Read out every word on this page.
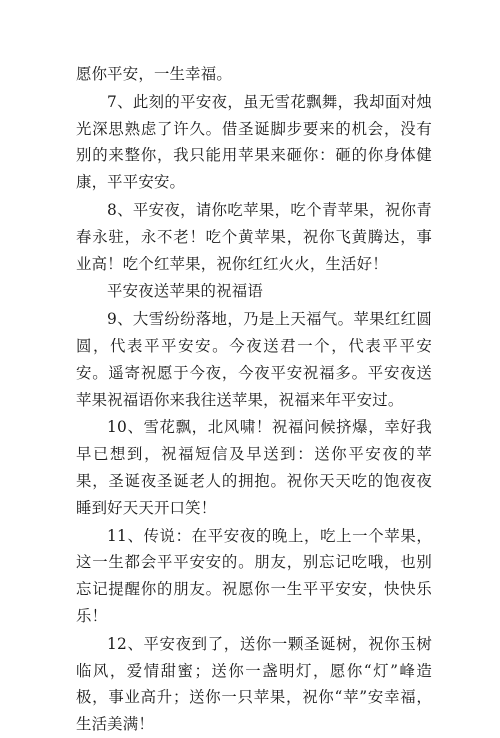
愿你平安，一生幸福。

7、此刻的平安夜，虽无雪花飘舞，我却面对烛光深思熟虑了许久。借圣诞脚步要来的机会，没有别的来整你，我只能用苹果来砸你：砸的你身体健康，平平安安。

8、平安夜，请你吃苹果，吃个青苹果，祝你青春永驻，永不老！吃个黄苹果，祝你飞黄腾达，事业高！吃个红苹果，祝你红红火火，生活好！

平安夜送苹果的祝福语

9、大雪纷纷落地，乃是上天福气。苹果红红圆圆，代表平平安安。今夜送君一个，代表平平安安。遥寄祝愿于今夜，今夜平安祝福多。平安夜送苹果祝福语你来我往送苹果，祝福来年平安过。

10、雪花飘，北风啸！祝福问候挤爆，幸好我早已想到，祝福短信及早送到：送你平安夜的苹果，圣诞夜圣诞老人的拥抱。祝你天天吃的饱夜夜睡到好天天开口笑！

11、传说：在平安夜的晚上，吃上一个苹果，这一生都会平平安安的。朋友，别忘记吃哦，也别忘记提醒你的朋友。祝愿你一生平平安安，快快乐乐！

12、平安夜到了，送你一颗圣诞树，祝你玉树临风，爱情甜蜜；送你一盏明灯，愿你“灯”峰造极，事业高升；送你一只苹果，祝你“苹”安幸福，生活美满！
